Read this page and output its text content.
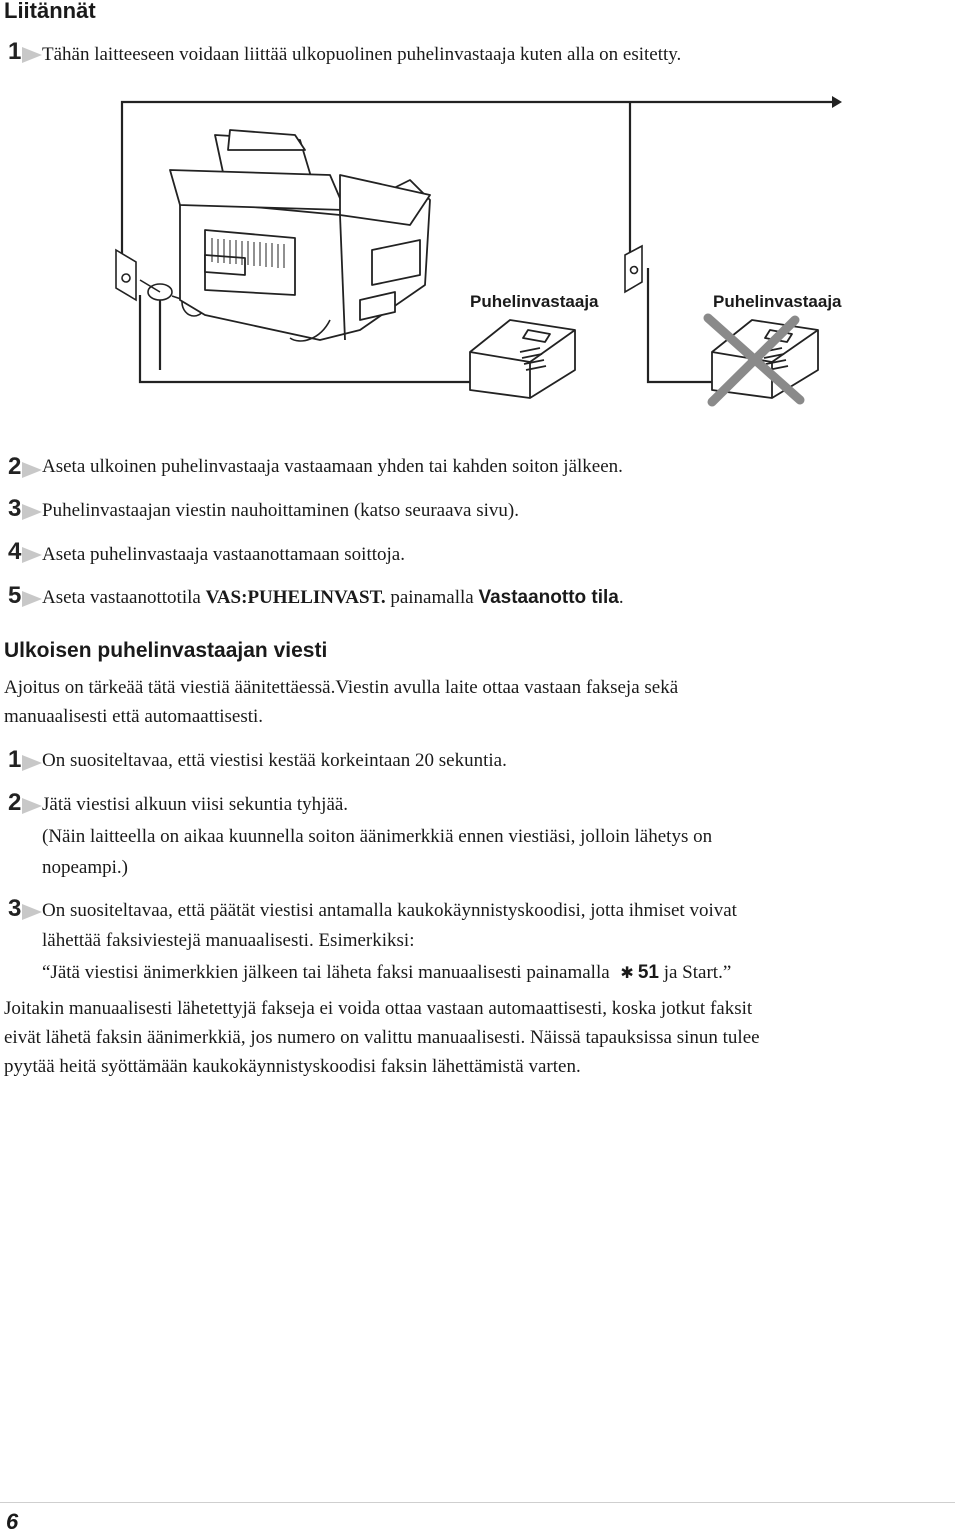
Liitännät
1 Tähän laitteeseen voidaan liittää ulkopuolinen puhelinvastaaja kuten alla on esitetty.
Puhelinvastaaja	Puhelinvastaaja
2 Aseta ulkoinen puhelinvastaaja vastaamaan yhden tai kahden soiton jälkeen.
3 Puhelinvastaajan viestin nauhoittaminen (katso seuraava sivu).
4 Aseta puhelinvastaaja vastaanottamaan soittoja.
5 Aseta vastaanottotila VAS:PUHELINVAST. painamalla Vastaanotto tila.
Ulkoisen puhelinvastaajan viesti
Ajoitus on tärkeää tätä viestiä äänitettäessä.Viestin avulla laite ottaa vastaan fakseja sekä
manuaalisesti että automaattisesti.
1 On suositeltavaa, että viestisi kestää korkeintaan 20 sekuntia.
2 Jätä viestisi alkuun viisi sekuntia tyhjää.
(Näin laitteella on aikaa kuunnella soiton äänimerkkiä ennen viestiäsi, jolloin lähetys on
nopeampi.)
3 On suositeltavaa, että päätät viestisi antamalla kaukokäynnistyskoodisi, jotta ihmiset voivat
lähettää faksiviestejä manuaalisesti. Esimerkiksi:
“Jätä viestisi änimerkkien jälkeen tai läheta faksi manuaalisesti painamalla ✱ 51 ja Start.”
Joitakin manuaalisesti lähetettyjä fakseja ei voida ottaa vastaan automaattisesti, koska jotkut faksit
eivät lähetä faksin äänimerkkiä, jos numero on valittu manuaalisesti. Näissä tapauksissa sinun tulee
pyytää heitä syöttämään kaukokäynnistyskoodisi faksin lähettämistä varten.
6
